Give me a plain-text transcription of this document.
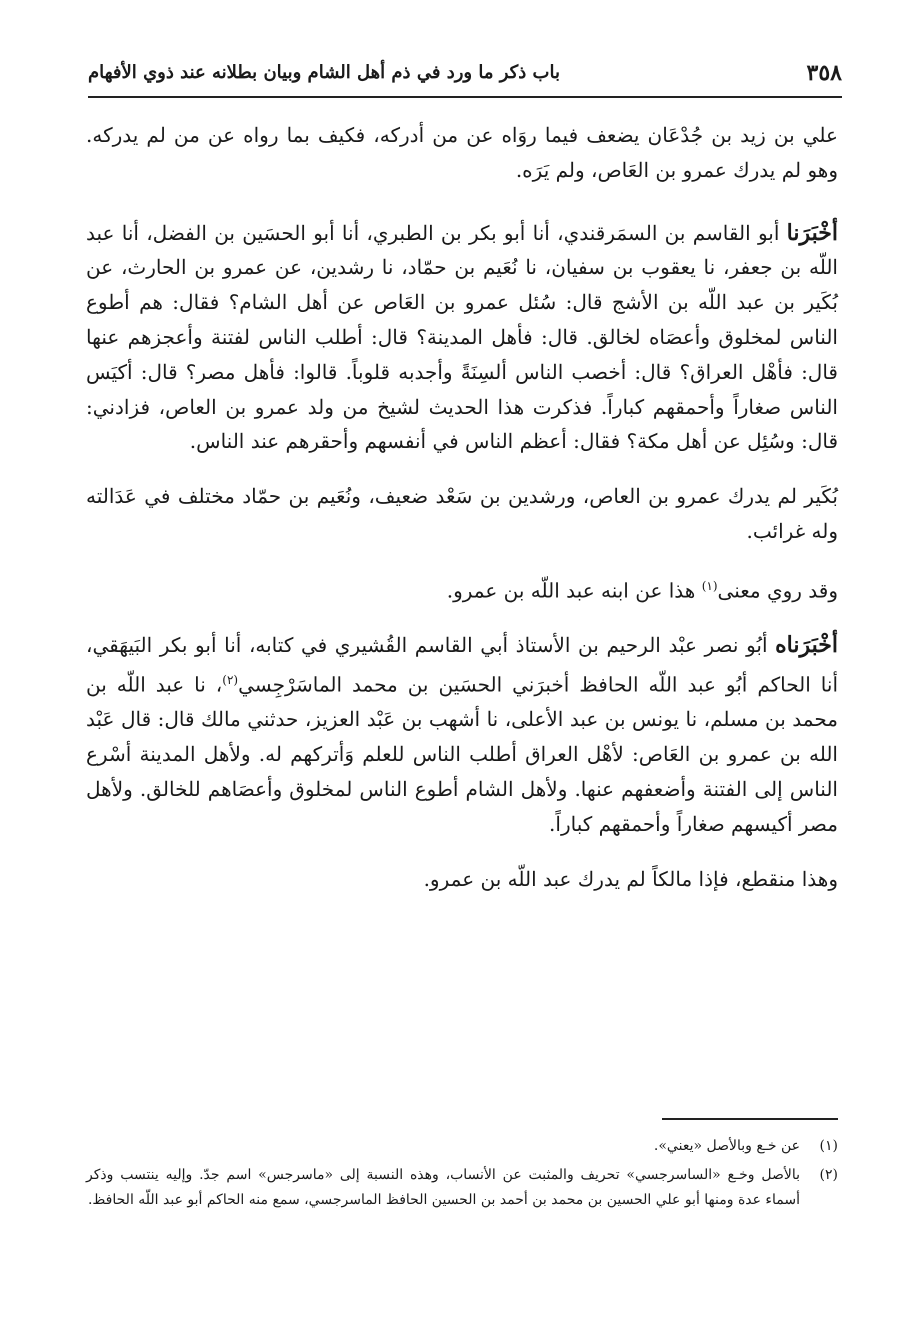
٣٥٨
باب ذكر ما ورد في ذم أهل الشام وبيان بطلانه عند ذوي الأفهام

علي بن زيد بن جُدْعَان يضعف فيما روَاه عن من أدركه، فكيف بما رواه عن من لم يدركه. وهو لم يدرك عمرو بن العَاص، ولم يَرَه.

أخْبَرَنا أبو القاسم بن السمَرقندي، أنا أبو بكر بن الطبري، أنا أبو الحسَين بن الفضل، أنا عبد اللّه بن جعفر، نا يعقوب بن سفيان، نا نُعَيم بن حمّاد، نا رشدين، عن عمرو بن الحارث، عن بُكَير بن عبد اللّه بن الأشج قال: سُئل عمرو بن العَاص عن أهل الشام؟ فقال: هم أطوع الناس لمخلوق وأعصَاه لخالق. قال: فأهل المدينة؟ قال: أطلب الناس لفتنة وأعجزهم عنها قال: فأهْل العراق؟ قال: أخصب الناس ألسِنَةً وأجدبه قلوباً. قالوا: فأهل مصر؟ قال: أكيَس الناس صغاراً وأحمقهم كباراً. فذكرت هذا الحديث لشيخ من ولد عمرو بن العاص، فزادني: قال: وسُئِل عن أهل مكة؟ فقال: أعظم الناس في أنفسهم وأحقرهم عند الناس.

بُكَير لم يدرك عمرو بن العاص، ورشدين بن سَعْد ضعيف، ونُعَيم بن حمّاد مختلف في عَدَالته وله غرائب.

وقد روي معنى$^{(١)}$ هذا عن ابنه عبد اللّه بن عمرو.

أخْبَرَناه أبُو نصر عبْد الرحيم بن الأستاذ أبي القاسم القُشيري في كتابه، أنا أبو بكر البَيهَقي، أنا الحاكم أبُو عبد اللّه الحافظ أخبرَني الحسَين بن محمد الماسَرْجِسي$^{(٢)}$، نا عبد اللّه بن محمد بن مسلم، نا يونس بن عبد الأعلى، نا أشهب بن عَبْد العزيز، حدثني مالك قال: قال عَبْد الله بن عمرو بن العَاص: لأهْل العراق أطلب الناس للعلم وَأتركهم له. ولأهل المدينة أسْرع الناس إلى الفتنة وأضعفهم عنها. ولأهل الشام أطوع الناس لمخلوق وأعصَاهم للخالق. ولأهل مصر أكيسهم صغاراً وأحمقهم كباراً.

وهذا منقطع، فإذا مالكاً لم يدرك عبد اللّه بن عمرو.

(١)
عن خـع وبالأصل «يعني».
(٢)
بالأصل وخـع «الساسرجسي» تحريف والمثبت عن الأنساب، وهذه النسبة إلى «ماسرجس» اسم جدّ. وإليه ينتسب وذكر أسماء عدة ومنها أبو علي الحسين بن محمد بن أحمد بن الحسين الحافظ الماسرجسي، سمع منه الحاكم أبو عبد اللّه الحافظ.
